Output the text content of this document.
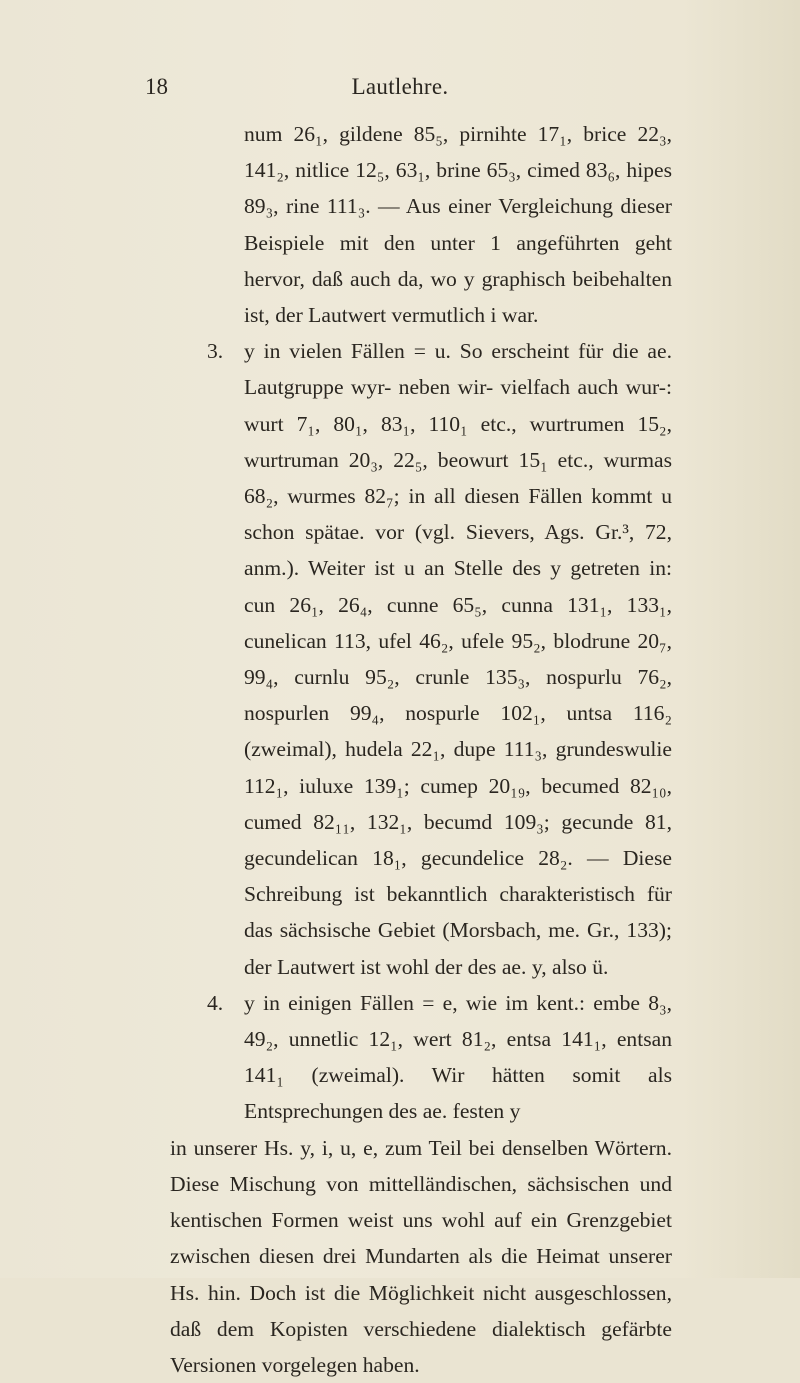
18	Lautlehre.

num 26₁, gildene 85₅, pirnihte 17₁, brice 22₃, 141₂, nitlice 12₅, 63₁, brine 65₃, cimed 83₆, hipes 89₃, rine 111₃. — Aus einer Vergleichung dieser Beispiele mit den unter 1 angeführten geht hervor, daß auch da, wo y graphisch beibehalten ist, der Lautwert vermutlich i war.

3. y in vielen Fällen = u. So erscheint für die ae. Lautgruppe wyr- neben wir- vielfach auch wur-: wurt 7₁, 80₁, 83₁, 110₁ etc., wurtrumen 15₂, wurtruman 20₃, 22₅, beowurt 15₁ etc., wurmas 68₂, wurmes 82₇; in all diesen Fällen kommt u schon spätae. vor (vgl. Sievers, Ags. Gr.³, 72, anm.). Weiter ist u an Stelle des y getreten in: cun 26₁, 26₄, cunne 65₅, cunna 131₁, 133₁, cunelican 113, ufel 46₂, ufele 95₂, blodrune 20₇, 99₄, curnlu 95₂, crunle 135₃, nospurlu 76₂, nospurlen 99₄, nospurle 102₁, untsa 116₂ (zweimal), hudela 22₁, dupe 111₃, grundeswulie 112₁, iuluxe 139₁; cumep 20₁₉, becumed 82₁₀, cumed 82₁₁, 132₁, becumd 109₃; gecunde 81, gecundelican 18₁, gecundelice 28₂. — Diese Schreibung ist bekanntlich charakteristisch für das sächsische Gebiet (Morsbach, me. Gr., 133); der Lautwert ist wohl der des ae. y, also ü.

4. y in einigen Fällen = e, wie im kent.: embe 8₃, 49₂, unnetlic 12₁, wert 81₂, entsa 141₁, entsan 141₁ (zweimal). Wir hätten somit als Entsprechungen des ae. festen y

in unserer Hs. y, i, u, e, zum Teil bei denselben Wörtern. Diese Mischung von mittelländischen, sächsischen und kentischen Formen weist uns wohl auf ein Grenzgebiet zwischen diesen drei Mundarten als die Heimat unserer Hs. hin. Doch ist die Möglichkeit nicht ausgeschlossen, daß dem Kopisten verschiedene dialektisch gefärbte Versionen vorgelegen haben.
